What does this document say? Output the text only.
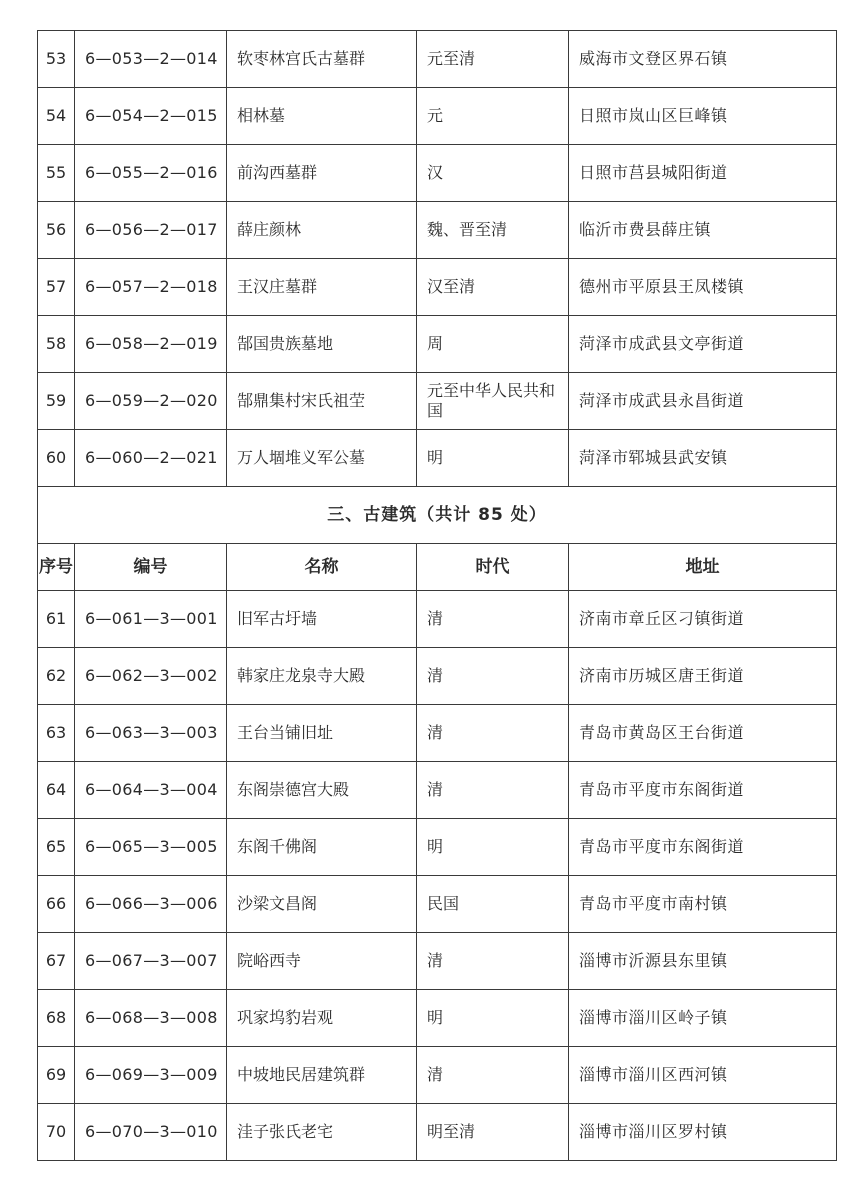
53	6—053—2—014	软枣林宫氏古墓群	元至清	威海市文登区界石镇
54	6—054—2—015	相林墓	元	日照市岚山区巨峰镇
55	6—055—2—016	前沟西墓群	汉	日照市莒县城阳街道
56	6—056—2—017	薛庄颜林	魏、晋至清	临沂市费县薛庄镇
57	6—057—2—018	王汉庄墓群	汉至清	德州市平原县王凤楼镇
58	6—058—2—019	郜国贵族墓地	周	菏泽市成武县文亭街道
59	6—059—2—020	郜鼎集村宋氏祖茔	元至中华人民共和国	菏泽市成武县永昌街道
60	6—060—2—021	万人堌堆义军公墓	明	菏泽市郓城县武安镇
三、古建筑（共计 85 处）				
序号	编号	名称	时代	地址
61	6—061—3—001	旧军古圩墙	清	济南市章丘区刁镇街道
62	6—062—3—002	韩家庄龙泉寺大殿	清	济南市历城区唐王街道
63	6—063—3—003	王台当铺旧址	清	青岛市黄岛区王台街道
64	6—064—3—004	东阁崇德宫大殿	清	青岛市平度市东阁街道
65	6—065—3—005	东阁千佛阁	明	青岛市平度市东阁街道
66	6—066—3—006	沙梁文昌阁	民国	青岛市平度市南村镇
67	6—067—3—007	院峪西寺	清	淄博市沂源县东里镇
68	6—068—3—008	巩家坞豹岩观	明	淄博市淄川区岭子镇
69	6—069—3—009	中坡地民居建筑群	清	淄博市淄川区西河镇
70	6—070—3—010	洼子张氏老宅	明至清	淄博市淄川区罗村镇
